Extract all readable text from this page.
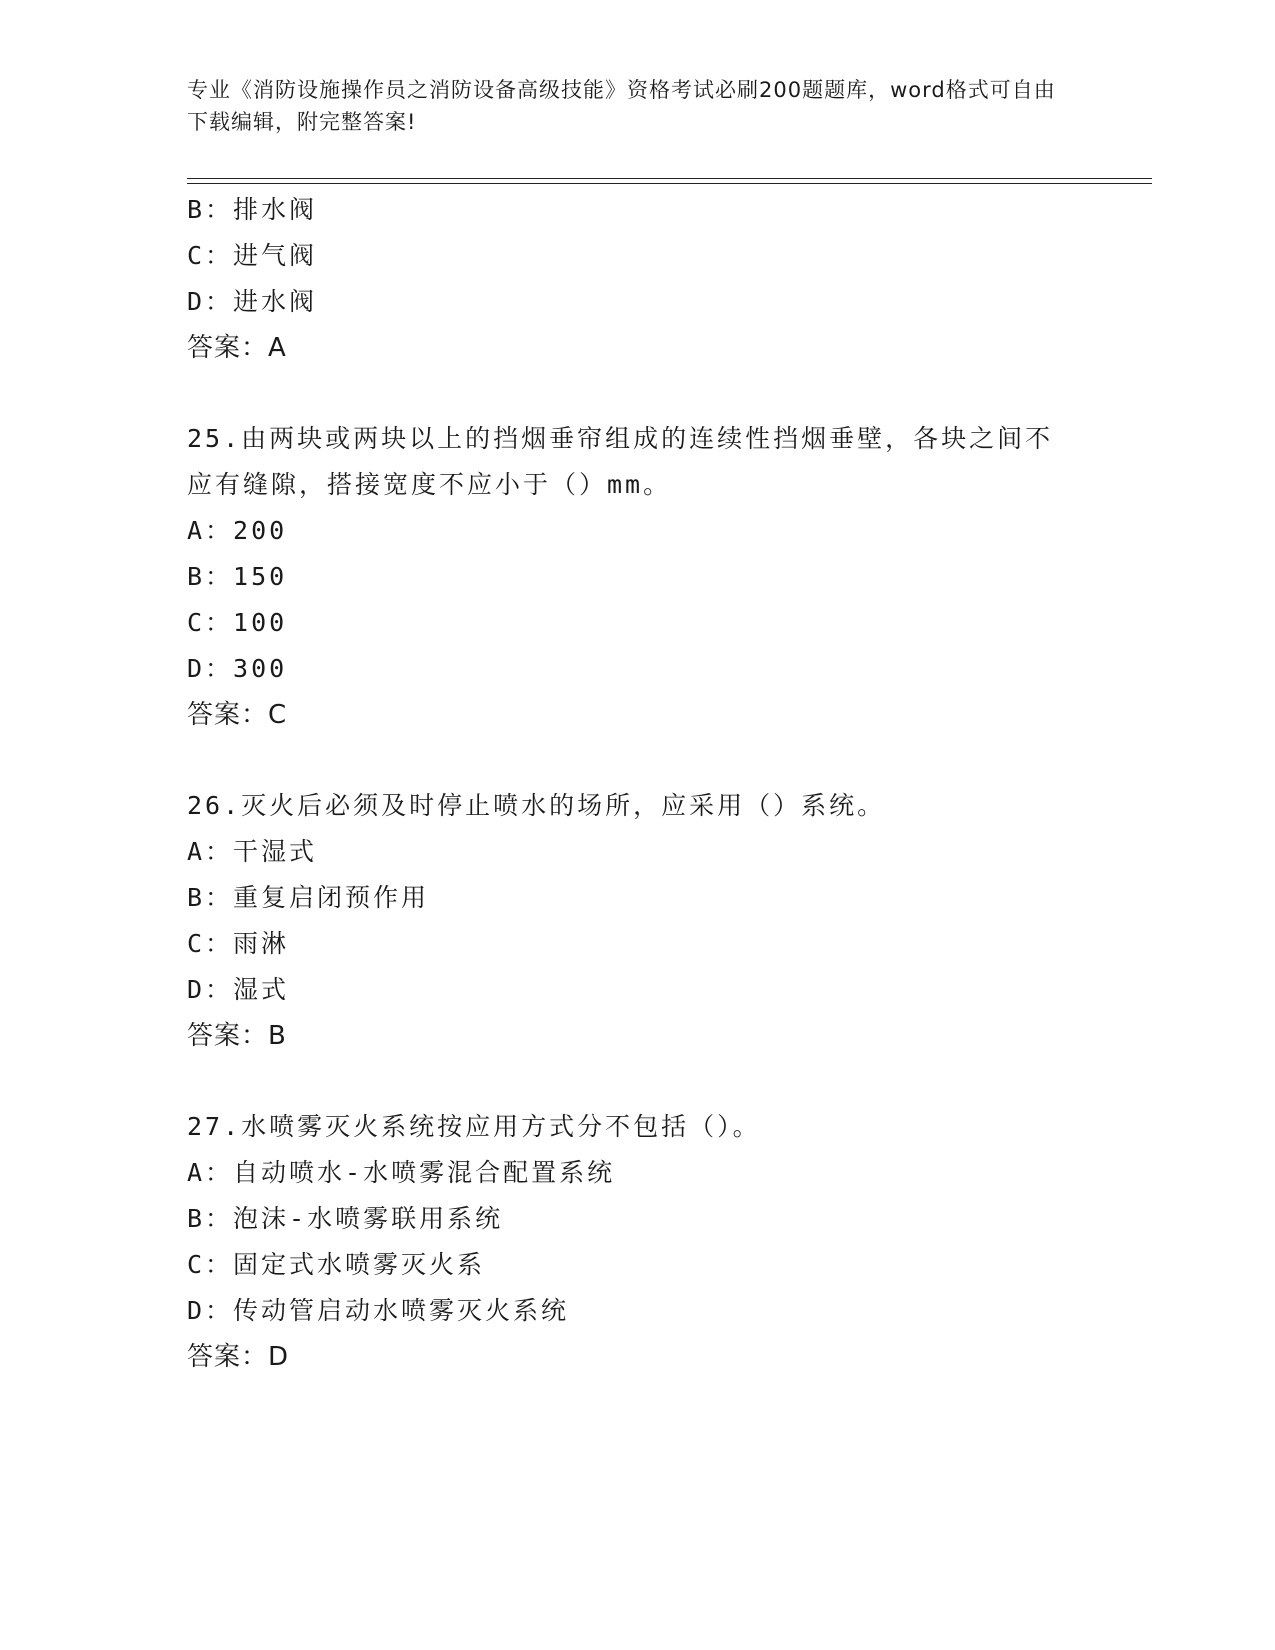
专业《消防设施操作员之消防设备高级技能》资格考试必刷200题题库，word格式可自由下载编辑，附完整答案!
B：排水阀
C：进气阀
D：进水阀
答案：A
25.由两块或两块以上的挡烟垂帘组成的连续性挡烟垂壁，各块之间不应有缝隙，搭接宽度不应小于（）mm。
A：200
B：150
C：100
D：300
答案：C
26.灭火后必须及时停止喷水的场所，应采用（）系统。
A：干湿式
B：重复启闭预作用
C：雨淋
D：湿式
答案：B
27.水喷雾灭火系统按应用方式分不包括（）。
A：自动喷水-水喷雾混合配置系统
B：泡沫-水喷雾联用系统
C：固定式水喷雾灭火系
D：传动管启动水喷雾灭火系统
答案：D
